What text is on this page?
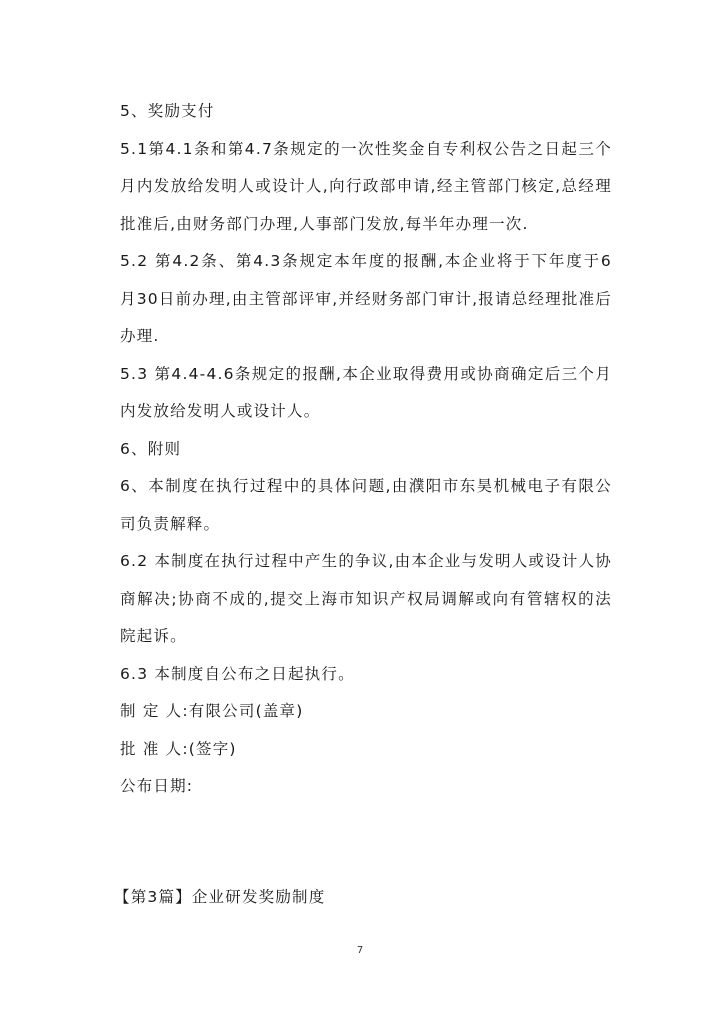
5、奖励支付

5.1第4.1条和第4.7条规定的一次性奖金自专利权公告之日起三个月内发放给发明人或设计人,向行政部申请,经主管部门核定,总经理批准后,由财务部门办理,人事部门发放,每半年办理一次.

5.2 第4.2条、第4.3条规定本年度的报酬,本企业将于下年度于6月30日前办理,由主管部评审,并经财务部门审计,报请总经理批准后办理.

5.3 第4.4-4.6条规定的报酬,本企业取得费用或协商确定后三个月内发放给发明人或设计人。

6、附则

6、本制度在执行过程中的具体问题,由濮阳市东昊机械电子有限公司负责解释。

6.2 本制度在执行过程中产生的争议,由本企业与发明人或设计人协商解决;协商不成的,提交上海市知识产权局调解或向有管辖权的法院起诉。

6.3 本制度自公布之日起执行。

制 定 人:有限公司(盖章)

批 准 人:(签字)

公布日期:

【第3篇】企业研发奖励制度

7
